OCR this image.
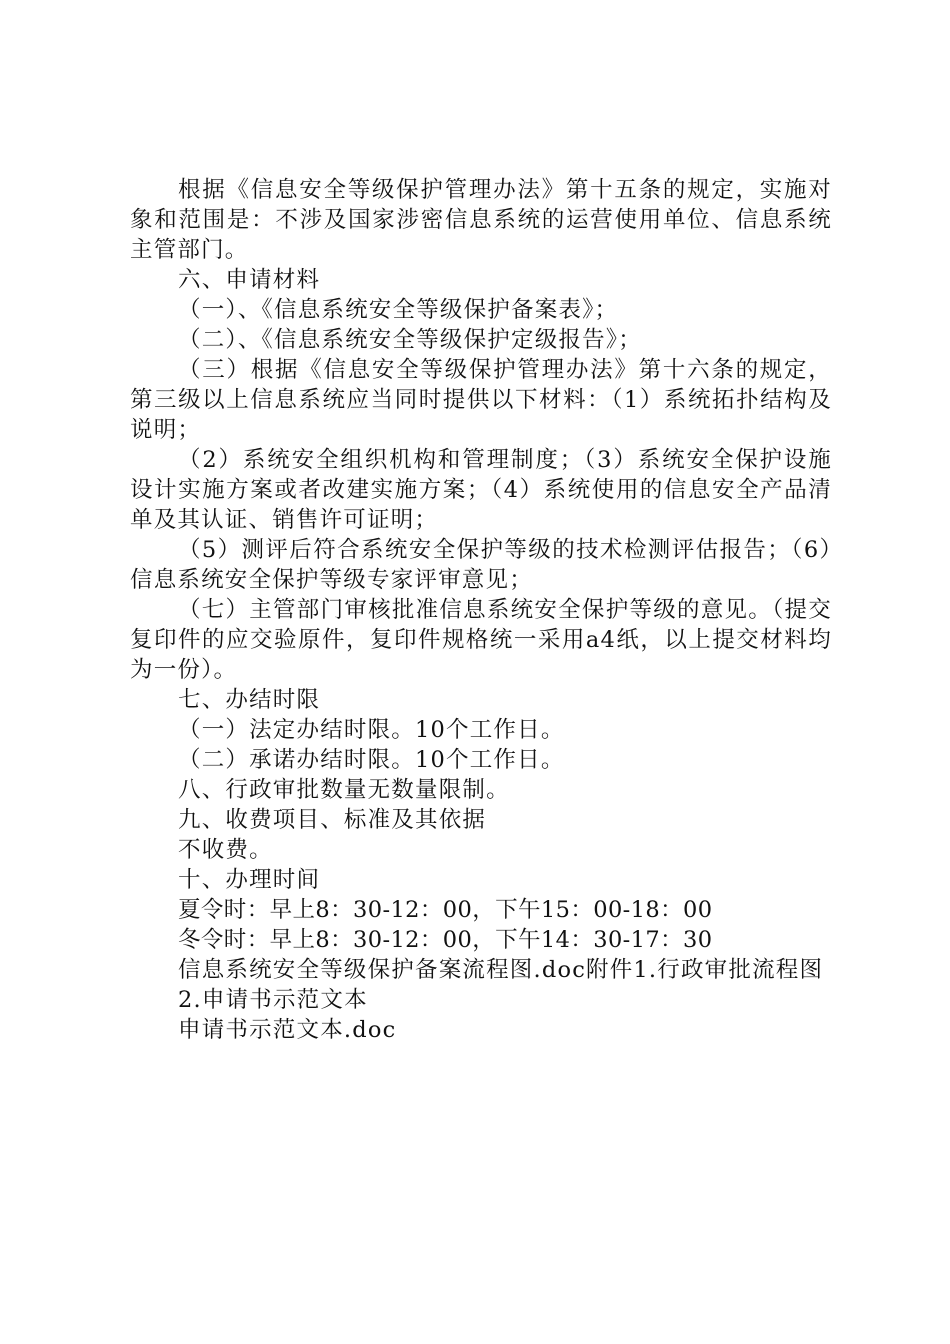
根据《信息安全等级保护管理办法》第十五条的规定，实施对象和范围是：不涉及国家涉密信息系统的运营使用单位、信息系统主管部门。

六、申请材料

（一）、《信息系统安全等级保护备案表》；

（二）、《信息系统安全等级保护定级报告》；

（三）根据《信息安全等级保护管理办法》第十六条的规定，第三级以上信息系统应当同时提供以下材料：（1）系统拓扑结构及说明；

（2）系统安全组织机构和管理制度；（3）系统安全保护设施设计实施方案或者改建实施方案；（4）系统使用的信息安全产品清单及其认证、销售许可证明；

（5）测评后符合系统安全保护等级的技术检测评估报告；（6）信息系统安全保护等级专家评审意见；

（七）主管部门审核批准信息系统安全保护等级的意见。（提交复印件的应交验原件，复印件规格统一采用a4纸，以上提交材料均为一份）。

七、办结时限

（一）法定办结时限。10个工作日。

（二）承诺办结时限。10个工作日。

八、行政审批数量无数量限制。

九、收费项目、标准及其依据

不收费。

十、办理时间

夏令时：早上8：30-12：00，下午15：00-18：00

冬令时：早上8：30-12：00，下午14：30-17：30

信息系统安全等级保护备案流程图.doc附件1.行政审批流程图

2.申请书示范文本

申请书示范文本.doc
